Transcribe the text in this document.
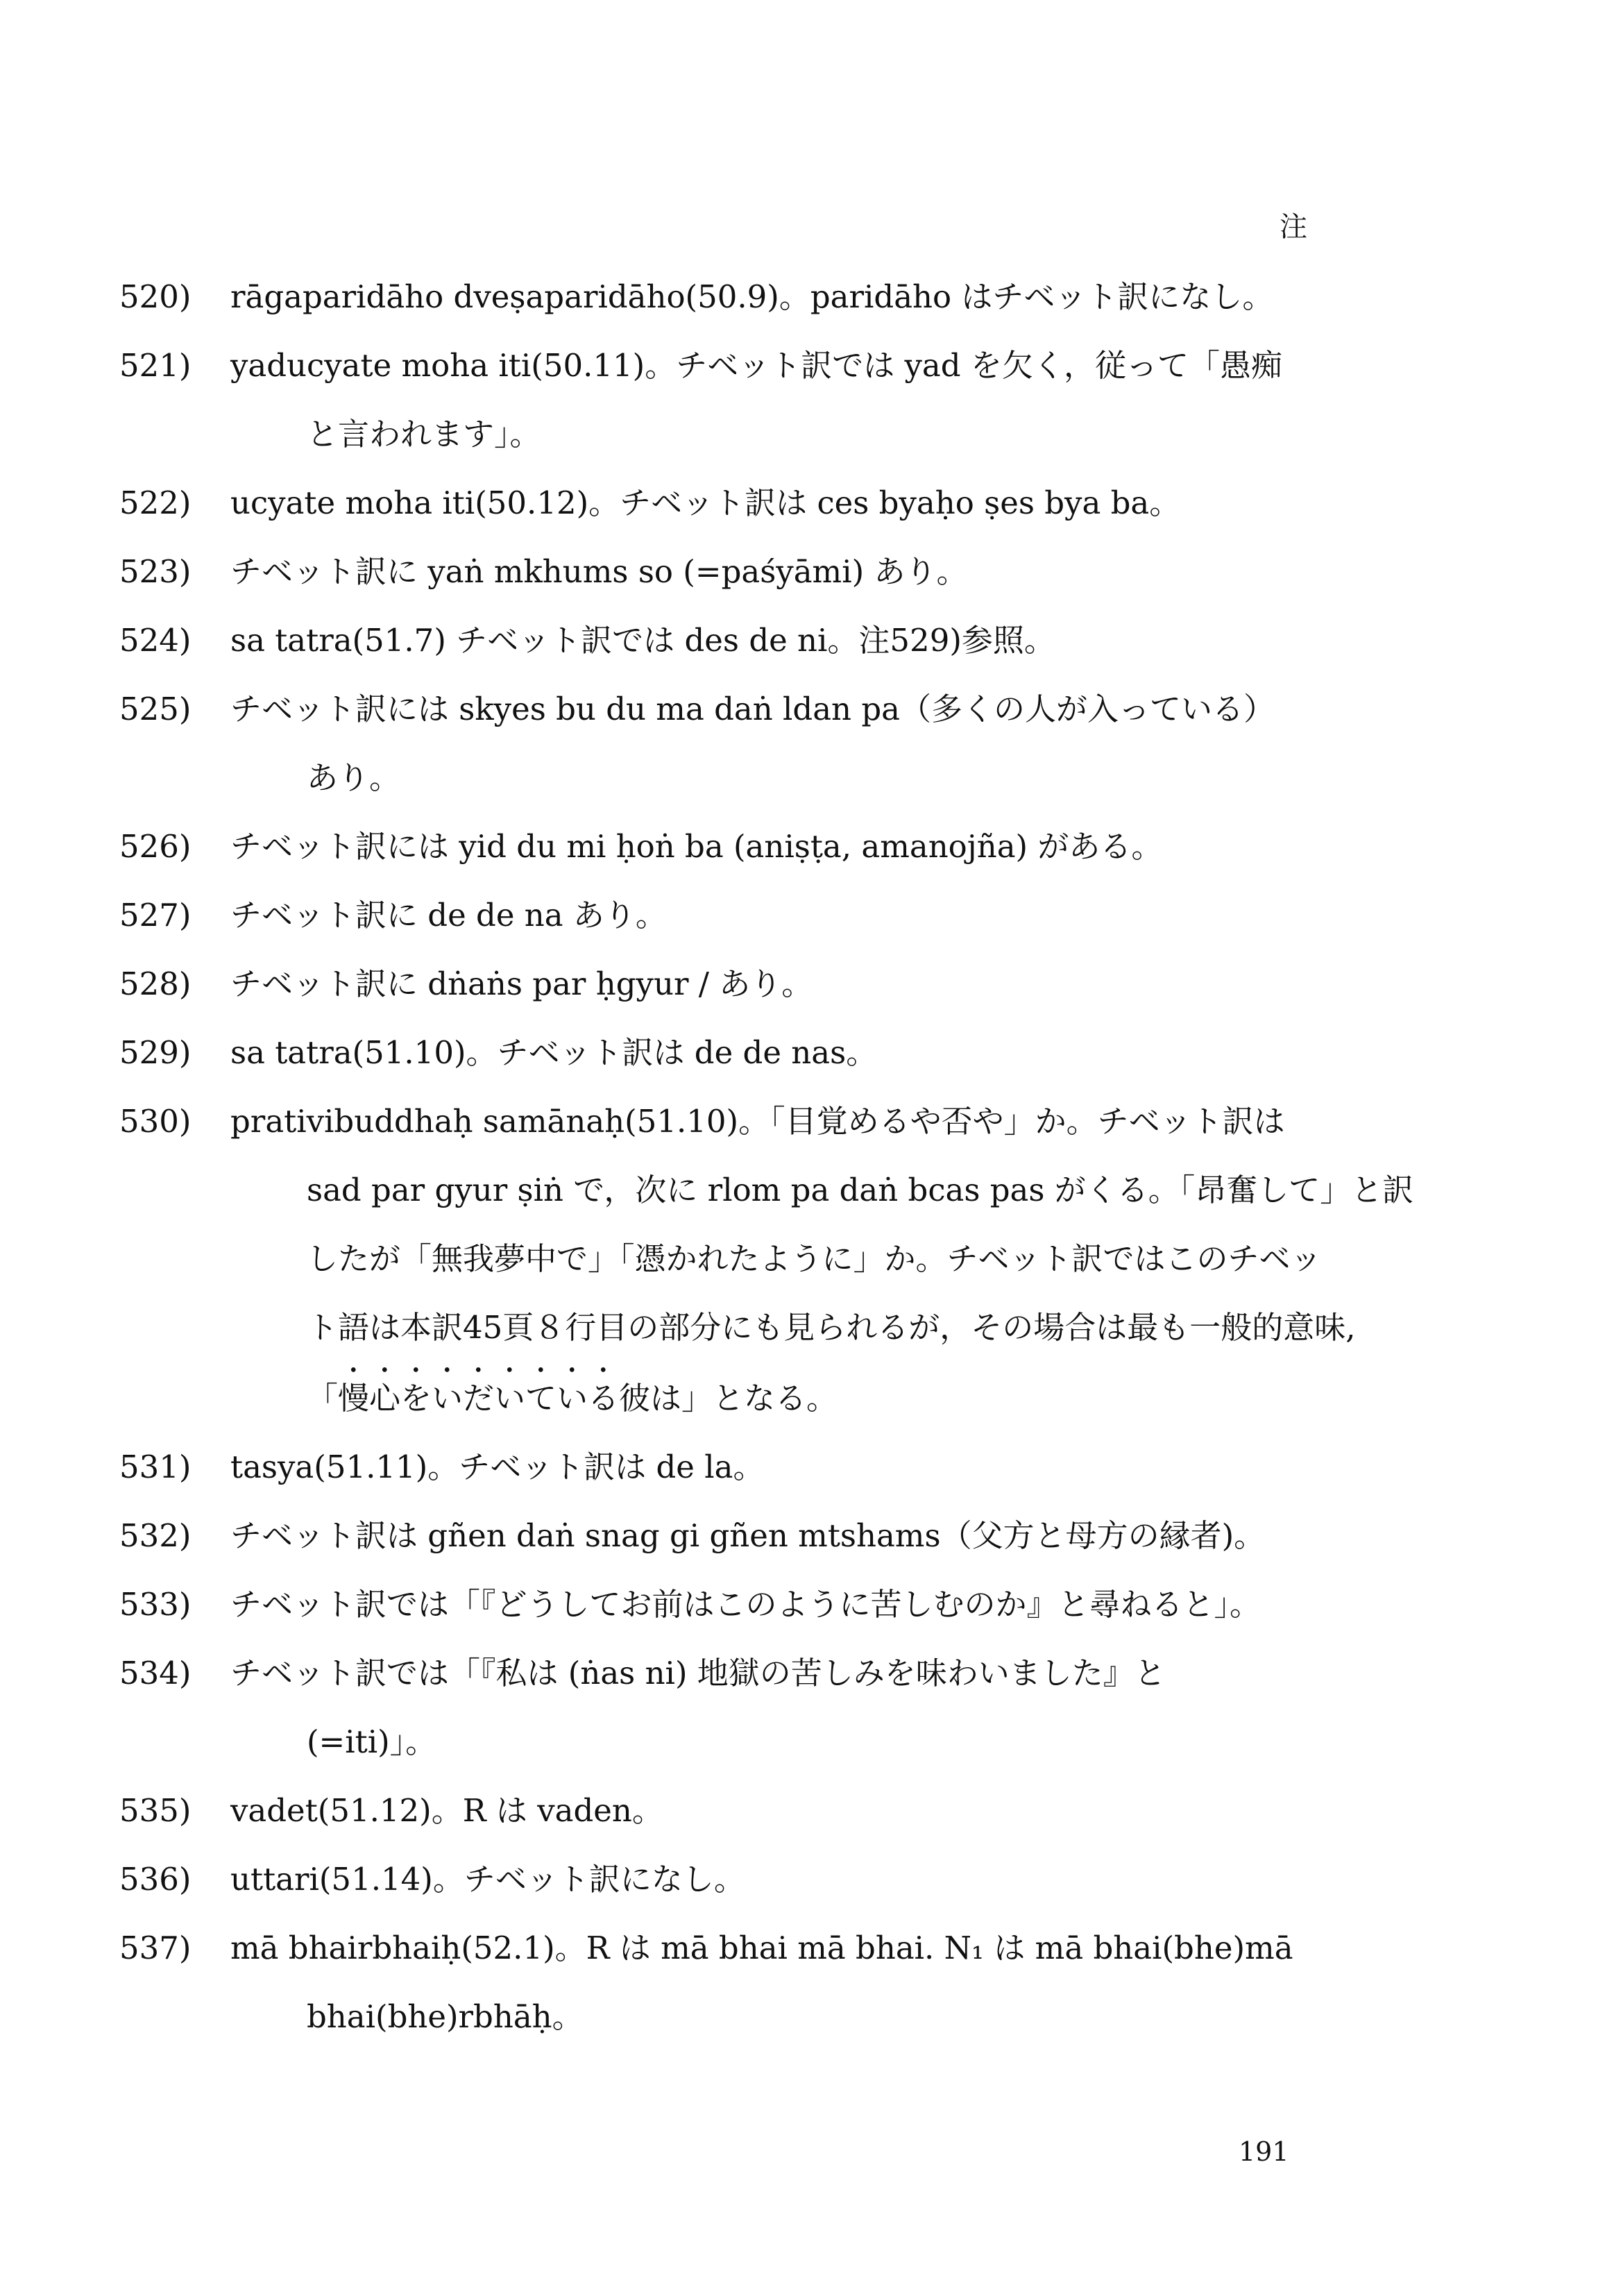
注
520)	rāgaparidāho dveṣaparidāho(50.9)。paridāho はチベット訳になし。
521)	yaducyate moha iti(50.11)。チベット訳では yad を欠く，従って「愚痴
と言われます」。
522)	ucyate moha iti(50.12)。チベット訳は ces byaḥo ṣes bya ba。
523)	チベット訳に yaṅ mkhums so (=paśyāmi) あり。
524)	sa tatra(51.7) チベット訳では des de ni。注529)参照。
525)	チベット訳には skyes bu du ma daṅ ldan pa（多くの人が入っている）
あり。
526)	チベット訳には yid du mi ḥoṅ ba (aniṣṭa, amanojña) がある。
527)	チベット訳に de de na あり。
528)	チベット訳に dṅaṅs par ḥgyur / あり。
529)	sa tatra(51.10)。チベット訳は de de nas。
530)	prativibuddhaḥ samānaḥ(51.10)。「目覚めるや否や」か。チベット訳は
sad par gyur ṣiṅ で，次に rlom pa daṅ bcas pas がくる。「昂奮して」と訳
したが「無我夢中で」「憑かれたように」か。チベット訳ではこのチベッ
ト語は本訳45頁８行目の部分にも見られるが，その場合は最も一般的意味,
「慢心をいだいている彼は」となる。
531)	tasya(51.11)。チベット訳は de la。
532)	チベット訳は gñen daṅ snag gi gñen mtshams（父方と母方の縁者)。
533)	チベット訳では「『どうしてお前はこのように苦しむのか』と尋ねると」。
534)	チベット訳では「『私は (ṅas ni) 地獄の苦しみを味わいました』と
(=iti)」。
535)	vadet(51.12)。R は vaden。
536)	uttari(51.14)。チベット訳になし。
537)	mā bhairbhaiḥ(52.1)。R は mā bhai mā bhai. N₁ は mā bhai(bhe)mā
bhai(bhe)rbhāḥ。
191
